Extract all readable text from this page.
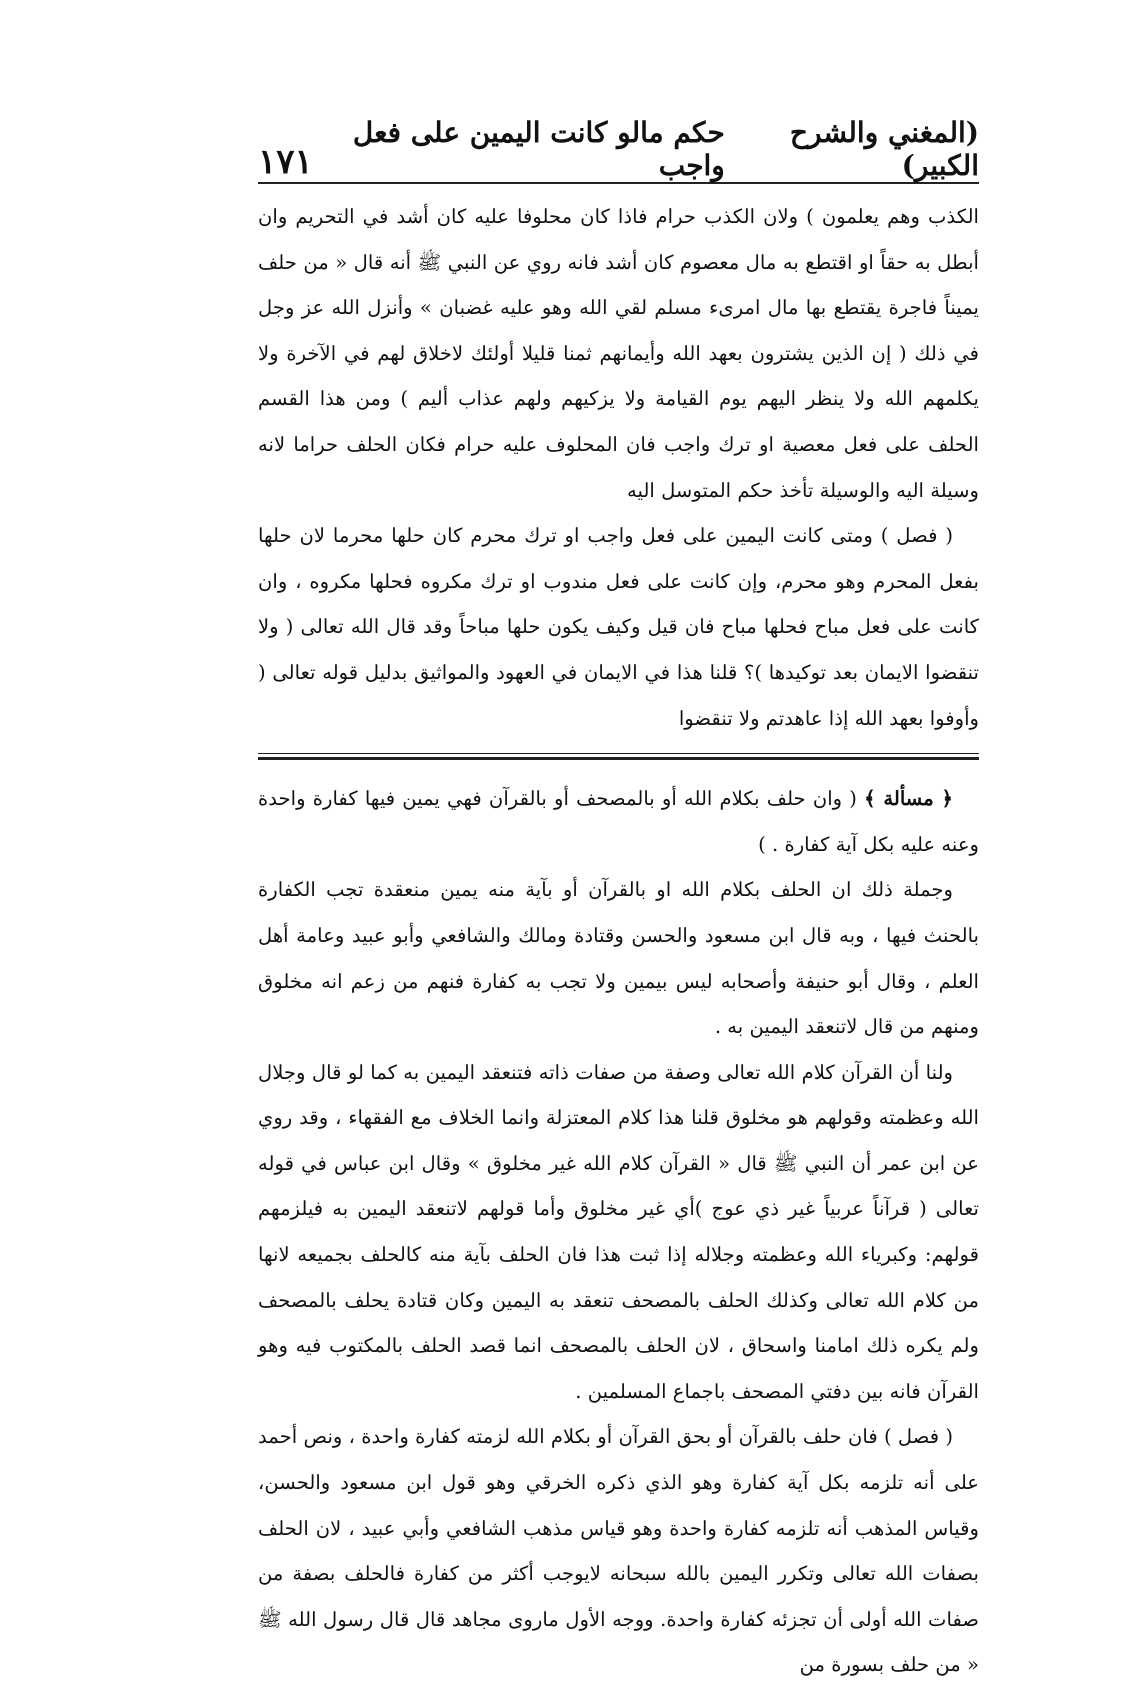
(المغني والشرح الكبير)
حكم مالو كانت اليمين على فعل واجب
١٧١

الكذب وهم يعلمون ) ولان الكذب حرام فاذا كان محلوفا عليه كان أشد في التحريم وان أبطل به حقاً او اقتطع به مال معصوم كان أشد فانه روي عن النبي ﷺ أنه قال « من حلف يميناً فاجرة يقتطع بها مال امرىء مسلم لقي الله وهو عليه غضبان » وأنزل الله عز وجل في ذلك ( إن الذين يشترون بعهد الله وأيمانهم ثمنا قليلا أولئك لاخلاق لهم في الآخرة ولا يكلمهم الله ولا ينظر اليهم يوم القيامة ولا يزكيهم ولهم عذاب أليم ) ومن هذا القسم الحلف على فعل معصية او ترك واجب فان المحلوف عليه حرام فكان الحلف حراما لانه وسيلة اليه والوسيلة تأخذ حكم المتوسل اليه

( فصل ) ومتى كانت اليمين على فعل واجب او ترك محرم كان حلها محرما لان حلها بفعل المحرم وهو محرم، وإن كانت على فعل مندوب او ترك مكروه فحلها مكروه ، وان كانت على فعل مباح فحلها مباح فان قيل وكيف يكون حلها مباحاً وقد قال الله تعالى ( ولا تنقضوا الايمان بعد توكيدها )؟ قلنا هذا في الايمان في العهود والمواثيق بدليل قوله تعالى ( وأوفوا بعهد الله إذا عاهدتم ولا تنقضوا

﴿ مسألة ﴾ ( وان حلف بكلام الله أو بالمصحف أو بالقرآن فهي يمين فيها كفارة واحدة وعنه عليه بكل آية كفارة . )

وجملة ذلك ان الحلف بكلام الله او بالقرآن أو بآية منه يمين منعقدة تجب الكفارة بالحنث فيها ، وبه قال ابن مسعود والحسن وقتادة ومالك والشافعي وأبو عبيد وعامة أهل العلم ، وقال أبو حنيفة وأصحابه ليس بيمين ولا تجب به كفارة فنهم من زعم انه مخلوق ومنهم من قال لاتنعقد اليمين به .

ولنا أن القرآن كلام الله تعالى وصفة من صفات ذاته فتنعقد اليمين به كما لو قال وجلال الله وعظمته وقولهم هو مخلوق قلنا هذا كلام المعتزلة وانما الخلاف مع الفقهاء ، وقد روي عن ابن عمر أن النبي ﷺ قال « القرآن كلام الله غير مخلوق » وقال ابن عباس في قوله تعالى ( قرآناً عربياً غير ذي عوج )أي غير مخلوق وأما قولهم لاتنعقد اليمين به فيلزمهم قولهم: وكبرياء الله وعظمته وجلاله إذا ثبت هذا فان الحلف بآية منه كالحلف بجميعه لانها من كلام الله تعالى وكذلك الحلف بالمصحف تنعقد به اليمين وكان قتادة يحلف بالمصحف ولم يكره ذلك امامنا واسحاق ، لان الحلف بالمصحف انما قصد الحلف بالمكتوب فيه وهو القرآن فانه بين دفتي المصحف باجماع المسلمين .

( فصل ) فان حلف بالقرآن أو بحق القرآن أو بكلام الله لزمته كفارة واحدة ، ونص أحمد على أنه تلزمه بكل آية كفارة وهو الذي ذكره الخرقي وهو قول ابن مسعود والحسن، وقياس المذهب أنه تلزمه كفارة واحدة وهو قياس مذهب الشافعي وأبي عبيد ، لان الحلف بصفات الله تعالى وتكرر اليمين بالله سبحانه لايوجب أكثر من كفارة فالحلف بصفة من صفات الله أولى أن تجزئه كفارة واحدة. ووجه الأول ماروى مجاهد قال قال رسول الله ﷺ « من حلف بسورة من
